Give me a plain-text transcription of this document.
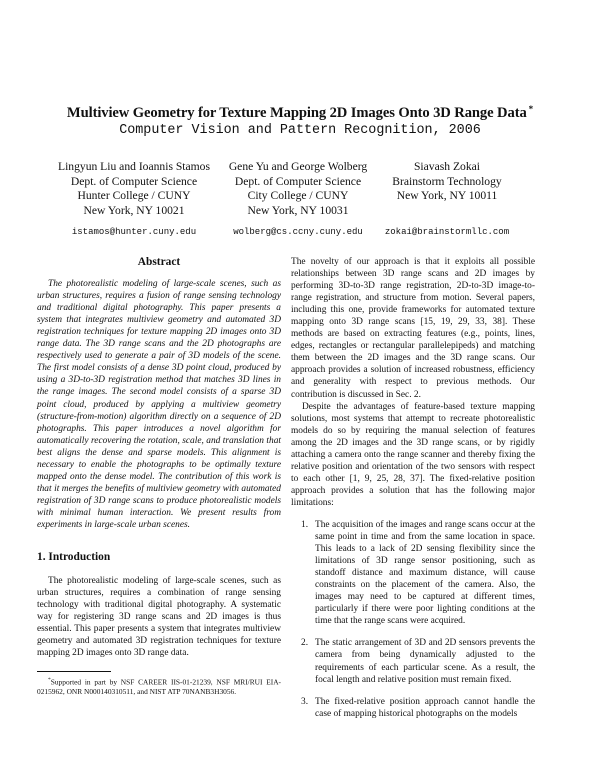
Multiview Geometry for Texture Mapping 2D Images Onto 3D Range Data *
Computer Vision and Pattern Recognition, 2006
Lingyun Liu and Ioannis Stamos
Dept. of Computer Science
Hunter College / CUNY
New York, NY 10021
istamos@hunter.cuny.edu
Gene Yu and George Wolberg
Dept. of Computer Science
City College / CUNY
New York, NY 10031
wolberg@cs.ccny.cuny.edu
Siavash Zokai
Brainstorm Technology
New York, NY 10011
zokai@brainstormllc.com
Abstract

The photorealistic modeling of large-scale scenes, such as urban structures, requires a fusion of range sensing technology and traditional digital photography. This paper presents a system that integrates multiview geometry and automated 3D registration techniques for texture mapping 2D images onto 3D range data. The 3D range scans and the 2D photographs are respectively used to generate a pair of 3D models of the scene. The first model consists of a dense 3D point cloud, produced by using a 3D-to-3D registration method that matches 3D lines in the range images. The second model consists of a sparse 3D point cloud, produced by applying a multiview geometry (structure-from-motion) algorithm directly on a sequence of 2D photographs. This paper introduces a novel algorithm for automatically recovering the rotation, scale, and translation that best aligns the dense and sparse models. This alignment is necessary to enable the photographs to be optimally texture mapped onto the dense model. The contribution of this work is that it merges the benefits of multiview geometry with automated registration of 3D range scans to produce photorealistic models with minimal human interaction. We present results from experiments in large-scale urban scenes.

1. Introduction

The photorealistic modeling of large-scale scenes, such as urban structures, requires a combination of range sensing technology with traditional digital photography. A systematic way for registering 3D range scans and 2D images is thus essential. This paper presents a system that integrates multiview geometry and automated 3D registration techniques for texture mapping 2D images onto 3D range data.

*Supported in part by NSF CAREER IIS-01-21239, NSF MRI/RUI EIA-0215962, ONR N000140310511, and NIST ATP 70NANB3H3056.

The novelty of our approach is that it exploits all possible relationships between 3D range scans and 2D images by performing 3D-to-3D range registration, 2D-to-3D image-to-range registration, and structure from motion. Several papers, including this one, provide frameworks for automated texture mapping onto 3D range scans [15, 19, 29, 33, 38]. These methods are based on extracting features (e.g., points, lines, edges, rectangles or rectangular parallelepipeds) and matching them between the 2D images and the 3D range scans. Our approach provides a solution of increased robustness, efficiency and generality with respect to previous methods. Our contribution is discussed in Sec. 2.

Despite the advantages of feature-based texture mapping solutions, most systems that attempt to recreate photorealistic models do so by requiring the manual selection of features among the 2D images and the 3D range scans, or by rigidly attaching a camera onto the range scanner and thereby fixing the relative position and orientation of the two sensors with respect to each other [1, 9, 25, 28, 37]. The fixed-relative position approach provides a solution that has the following major limitations:

1. The acquisition of the images and range scans occur at the same point in time and from the same location in space. This leads to a lack of 2D sensing flexibility since the limitations of 3D range sensor positioning, such as standoff distance and maximum distance, will cause constraints on the placement of the camera. Also, the images may need to be captured at different times, particularly if there were poor lighting conditions at the time that the range scans were acquired.
2. The static arrangement of 3D and 2D sensors prevents the camera from being dynamically adjusted to the requirements of each particular scene. As a result, the focal length and relative position must remain fixed.
3. The fixed-relative position approach cannot handle the case of mapping historical photographs on the models
